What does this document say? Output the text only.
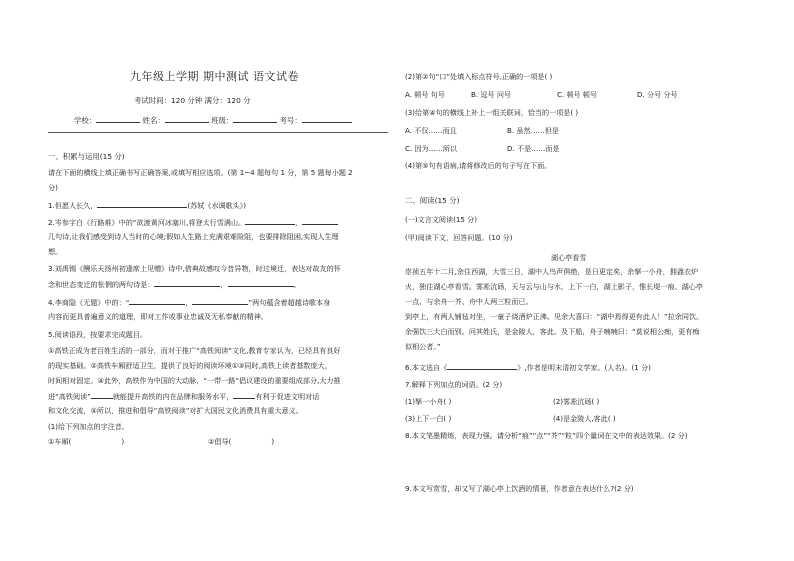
九年级上学期 期中测试 语文试卷
考试时间：120 分钟 满分：120 分
学校：	姓名：	班级：	考号：
一、积累与运用(15 分)
请在下面的横线上填正确书写正确答案,或填写相应选项。(第 1~4 题每句 1 分，第 5 题每小题 2
分)
1.但愿人长久，	(苏轼《水调歌头》)
2.岑参字白《行路难》中的“欲渡黄河冰塞川,将登太行雪满山。	，
几句诗,让我们感受到诗人当时的心境;假如人生路上充满艰难险阻，也要排除阻困,实现人生理
想。
3.刘禹锡《酬乐天扬州初逢席上见赠》诗中,借典故感叹今昔异物，时过境迁，表达对故友的怀
念和世态变迁的怅惘的两句诗是：	，	。
4.李商隐《无题》中的：“	，	”两句蕴含着超越诗歌本身
内容而更具普遍意义的道理，即对工作或事业忠诚及无私奉献的精神。
5.阅读语段，按要求完成题目。
①高铁正成为老百姓生活的一部分，而对于推广“高铁阅读”文化,教育专家认为，已经具有良好
的现实基础。②高铁车厢舒适卫生，提供了良好的阅读环境①③同时,高铁上读者基数庞大，
时间相对固定。④此外，高铁作为中国的大动脉，“一带一路”倡议建设的重要组成部分,大力推
进“高铁阅读”	就能提升高铁的内在品牌和服务水平，	有利于促进文明对话
和文化交流，⑤所以，推进和倡导“高铁阅读”对扩大国民文化消费具有重大意义。
(1)给下列加点的字注音。
①车厢(	)	②倡导(	)
(2)第②句“口”处填入标点符号,正确的一项是( )
A. 顿号 句号	B. 逗号 问号	C. 顿号 顿号	D. 分号 分号
(3)给第④句的横线上补上一组关联词，恰当的一项是( )
A. 不仅……而且	B. 虽然……但是
C. 因为……所以	D. 不是……而是
(4)第⑤句有语病,请将修改后的句子写在下面。
二、阅读(15 分)
(一)文言文阅读(15 分)
(甲)阅读下文，回答问题。(10 分)
湖心亭看雪
崇祯五年十二月,余住西湖，大雪三日，湖中人鸟声俱绝，是日更定矣，余拏一小舟，拥毳衣炉
火，独往湖心亭看雪。雾凇沆砀，天与云与山与水，上下一白，湖上影子，惟长堤一痕、湖心亭
一点、与余舟一芥、舟中人两三粒而已。
到亭上，有两人铺毡对坐，一童子烧酒炉正沸。见余大喜曰：“湖中焉得更有此人！”拉余同饮。
余强饮三大白而别。问其姓氏，是金陵人，客此。及下船，舟子喃喃曰：“莫说相公痴，更有痴
似相公者。”
6.本文选自《	》,作者是明末清初文学家。(人名)。(1 分)
7.解释下列加点的词语。(2 分)
(1)拏一小舟( )	(2)雾凇沆砀( )
(3)上下一白( )	(4)是金陵人,客此( )
8.本文笔墨精炼，表现力强。请分析“痕”“点”“芥”“粒”四个量词在文中的表达效果。(2 分)
9.本文写赏雪，却又写了湖心亭上饮酒的情景，作者意在表达什么?(2 分)
